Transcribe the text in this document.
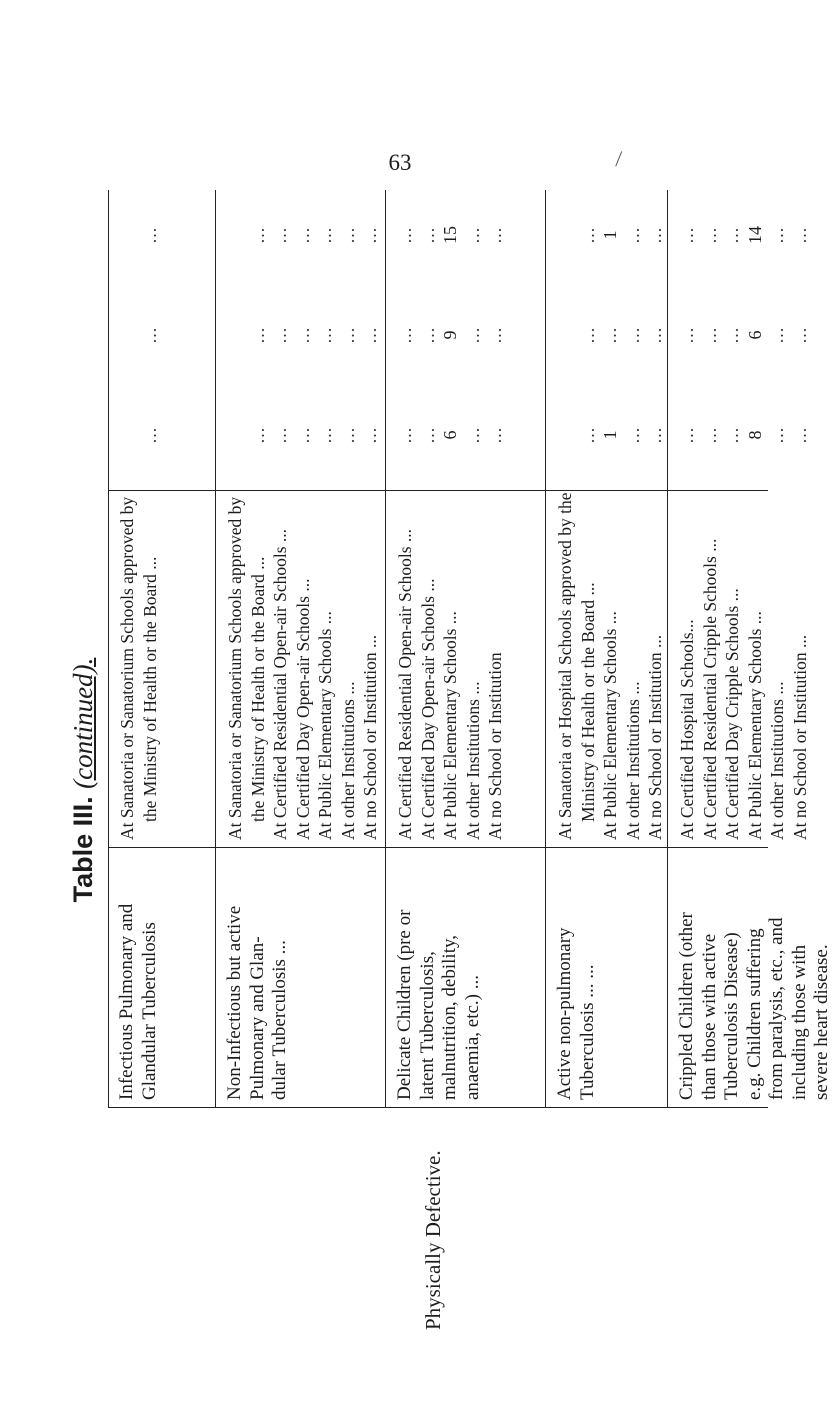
63
Table III. (continued).
Physically Defective.
Infectious Pulmonary and Glandular Tuberculosis
At Sanatoria or Sanatorium Schools approved by the Ministry of Health or the Board ...
...
...
...
Non-Infectious but active Pulmonary and Glan- dular Tuberculosis ...
At Sanatoria or Sanatorium Schools approved by the Ministry of Health or the Board ...
...
...
...
At Certified Residential Open-air Schools ...
...
...
...
At Certified Day Open-air Schools ...
...
...
...
At Public Elementary Schools ...
...
...
...
At other Institutions ...
...
...
...
At no School or Institution ...
...
...
...
Delicate Children (pre or latent Tuberculosis, malnutrition, debility, anaemia, etc.) ...
At Certified Residential Open-air Schools ...
...
...
...
At Certified Day Open-air Schools ...
...
...
...
At Public Elementary Schools ...
6
9
15
At other Institutions ...
...
...
...
At no School or Institution
...
...
...
Active non-pulmonary Tuberculosis ... ...
At Sanatoria or Hospital Schools approved by the Ministry of Health or the Board ...
...
...
...
At Public Elementary Schools ...
1
...
1
At other Institutions ...
...
...
...
At no School or Institution ...
...
...
...
Crippled Children (other than those with active Tuberculosis Disease) e.g. Children suffering from paralysis, etc., and including those with severe heart disease.
At Certified Hospital Schools...
...
...
...
At Certified Residential Cripple Schools ...
...
...
...
At Certified Day Cripple Schools ...
...
...
...
At Public Elementary Schools ...
8
6
14
At other Institutions ...
...
...
...
At no School or Institution ...
...
...
...
